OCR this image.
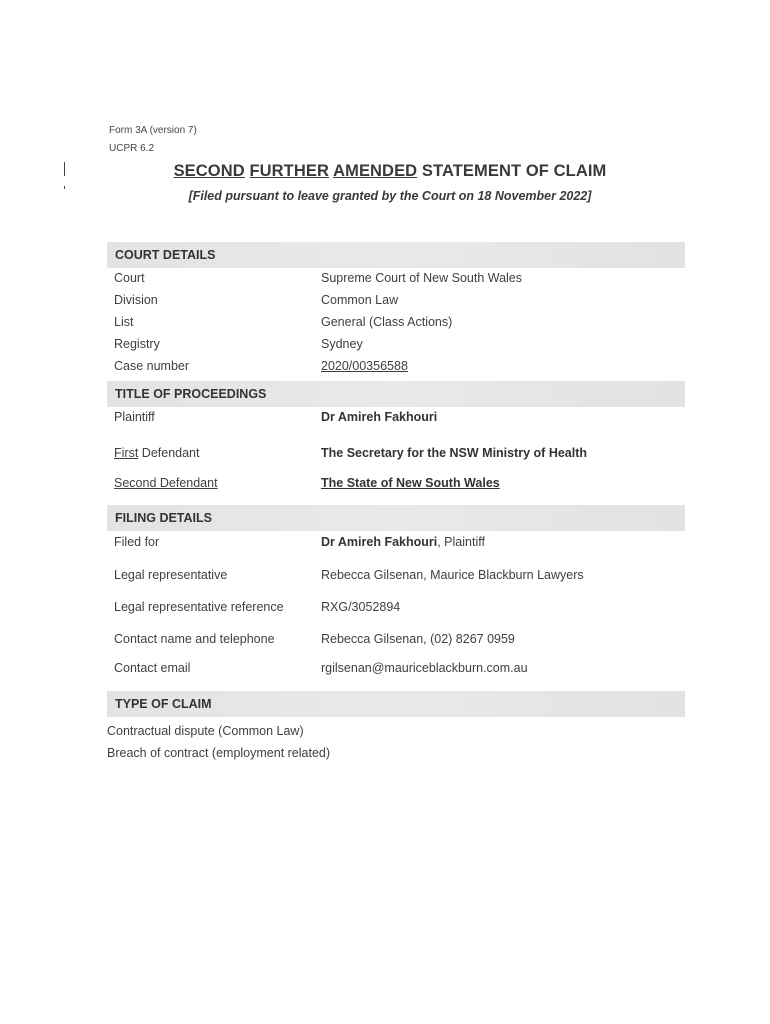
Form 3A (version 7)
UCPR 6.2
SECOND FURTHER AMENDED STATEMENT OF CLAIM
[Filed pursuant to leave granted by the Court on 18 November 2022]
COURT DETAILS
Court	Supreme Court of New South Wales
Division	Common Law
List	General (Class Actions)
Registry	Sydney
Case number	2020/00356588
TITLE OF PROCEEDINGS
Plaintiff	Dr Amireh Fakhouri
First Defendant	The Secretary for the NSW Ministry of Health
Second Defendant	The State of New South Wales
FILING DETAILS
Filed for	Dr Amireh Fakhouri, Plaintiff
Legal representative	Rebecca Gilsenan, Maurice Blackburn Lawyers
Legal representative reference	RXG/3052894
Contact name and telephone	Rebecca Gilsenan, (02) 8267 0959
Contact email	rgilsenan@mauriceblackburn.com.au
TYPE OF CLAIM
Contractual dispute (Common Law)
Breach of contract (employment related)
